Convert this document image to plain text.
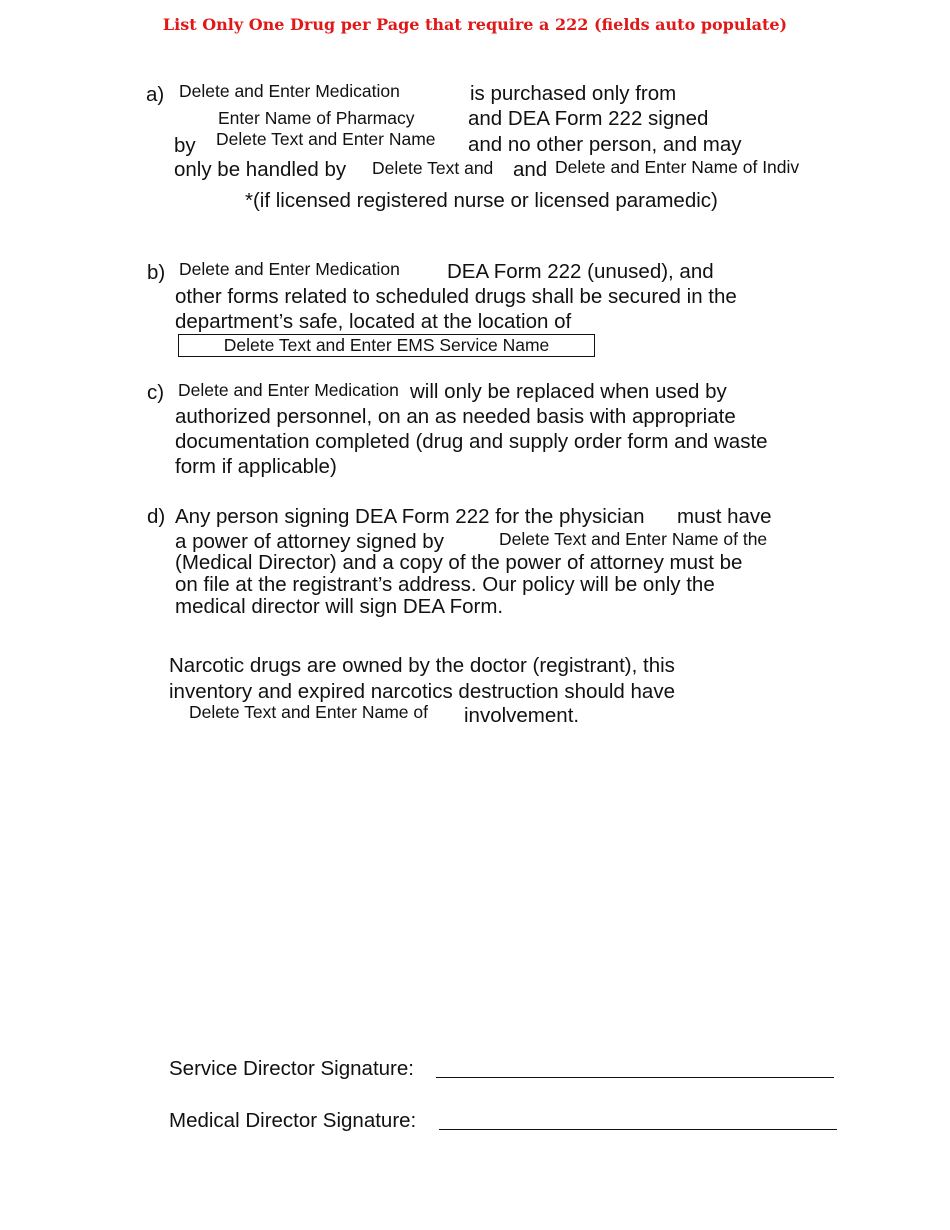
List Only One Drug per Page that require a 222 (fields auto populate)
a) Delete and Enter Medication	is purchased only from
Enter Name of Pharmacy	and DEA Form 222 signed
by Delete Text and Enter Name	and no other person, and may
only be handled by Delete Text and and Delete and Enter Name of Indiv
*(if licensed registered nurse or licensed paramedic)
b) Delete and Enter Medication	DEA Form 222 (unused), and
other forms related to scheduled drugs shall be secured in the
department’s safe, located at the location of
Delete Text and Enter EMS Service Name
c) Delete and Enter Medication will only be replaced when used by
authorized personnel, on an as needed basis with appropriate
documentation completed (drug and supply order form and waste
form if applicable)
d) Any person signing DEA Form 222 for the physician must have
a power of attorney signed by	Delete Text and Enter Name of the
(Medical Director) and a copy of the power of attorney must be
on file at the registrant’s address. Our policy will be only the
medical director will sign DEA Form.
Narcotic drugs are owned by the doctor (registrant), this
inventory and expired narcotics destruction should have
Delete Text and Enter Name of	involvement.
Service Director Signature:
Medical Director Signature:
